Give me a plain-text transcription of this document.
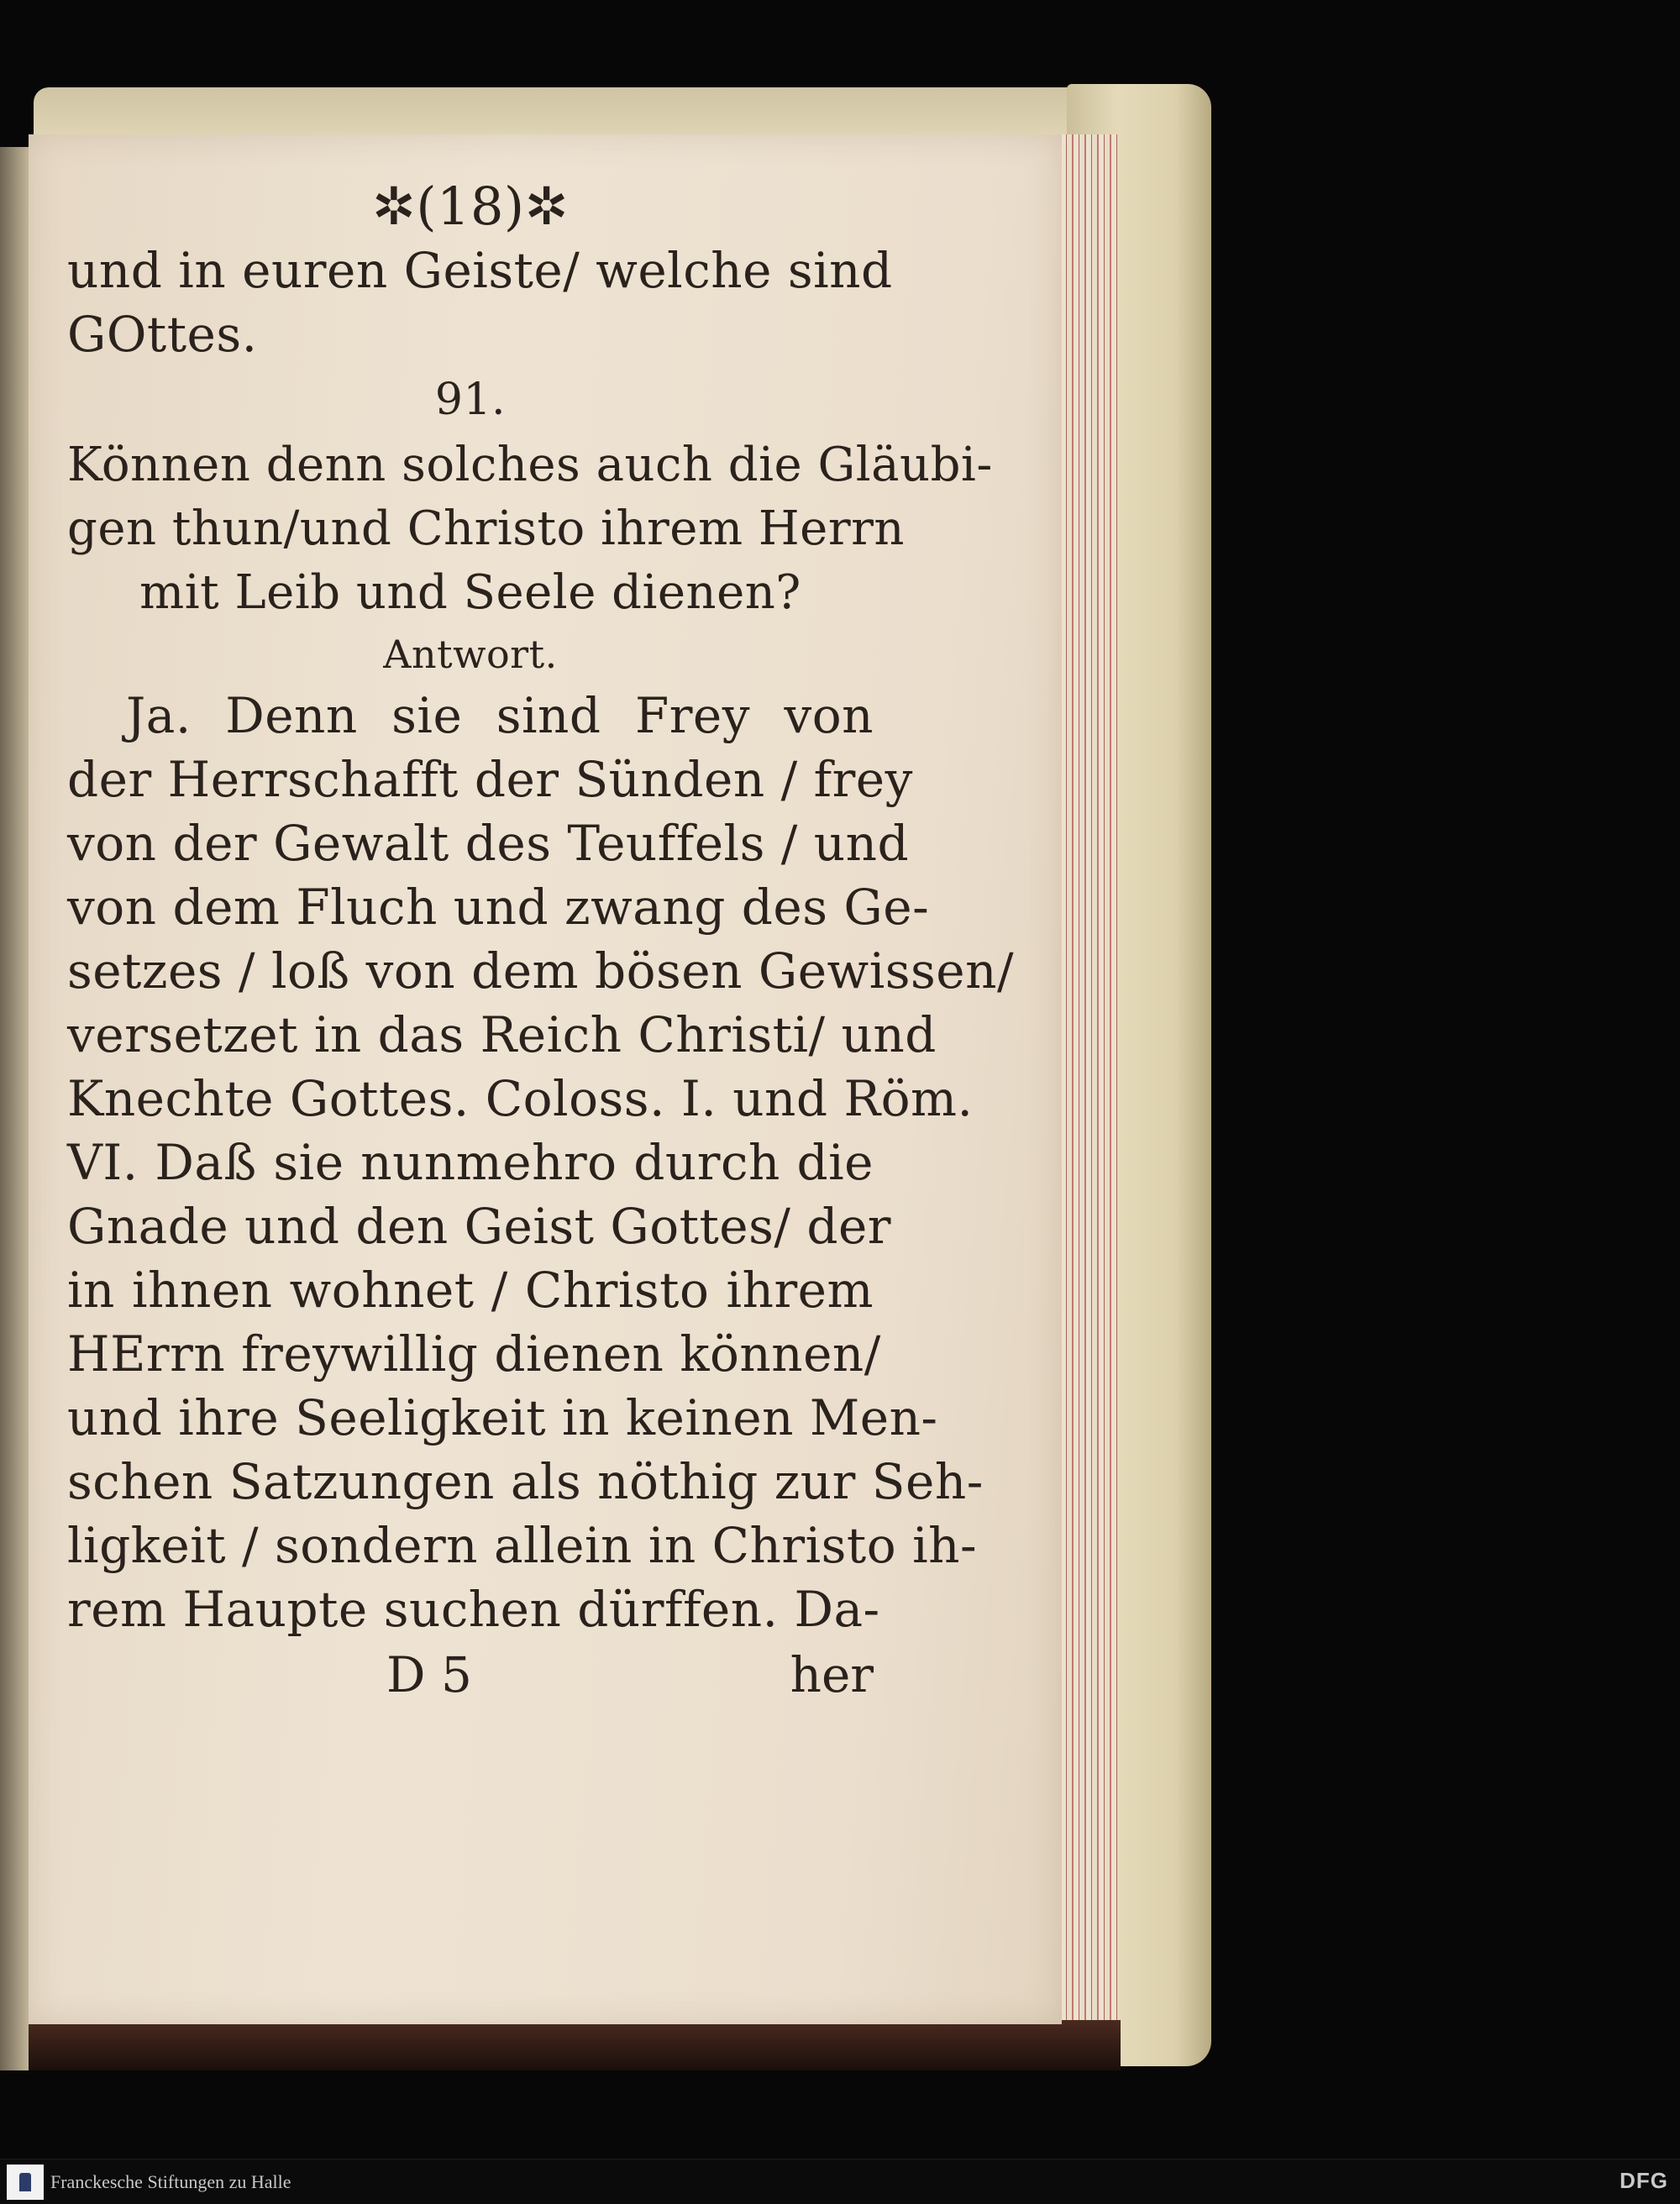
✲(18)✲
und in euren Geiste/ welche sind
GOttes.
91.
Können denn solches auch die Gläubi-
gen thun/und Christo ihrem Herrn
mit Leib und Seele dienen?
Antwort.
Ja. Denn sie sind Frey von
der Herrschafft der Sünden / frey
von der Gewalt des Teuffels / und
von dem Fluch und zwang des Ge-
setzes / loß von dem bösen Gewissen/
versetzet in das Reich Christi/ und
Knechte Gottes. Coloss. I. und Röm.
VI. Daß sie nunmehro durch die
Gnade und den Geist Gottes/ der
in ihnen wohnet / Christo ihrem
HErrn freywillig dienen können/
und ihre Seeligkeit in keinen Men-
schen Satzungen als nöthig zur Seh-
ligkeit / sondern allein in Christo ih-
rem Haupte suchen dürffen. Da-
D 5	her
Franckesche Stiftungen zu Halle	DFG
